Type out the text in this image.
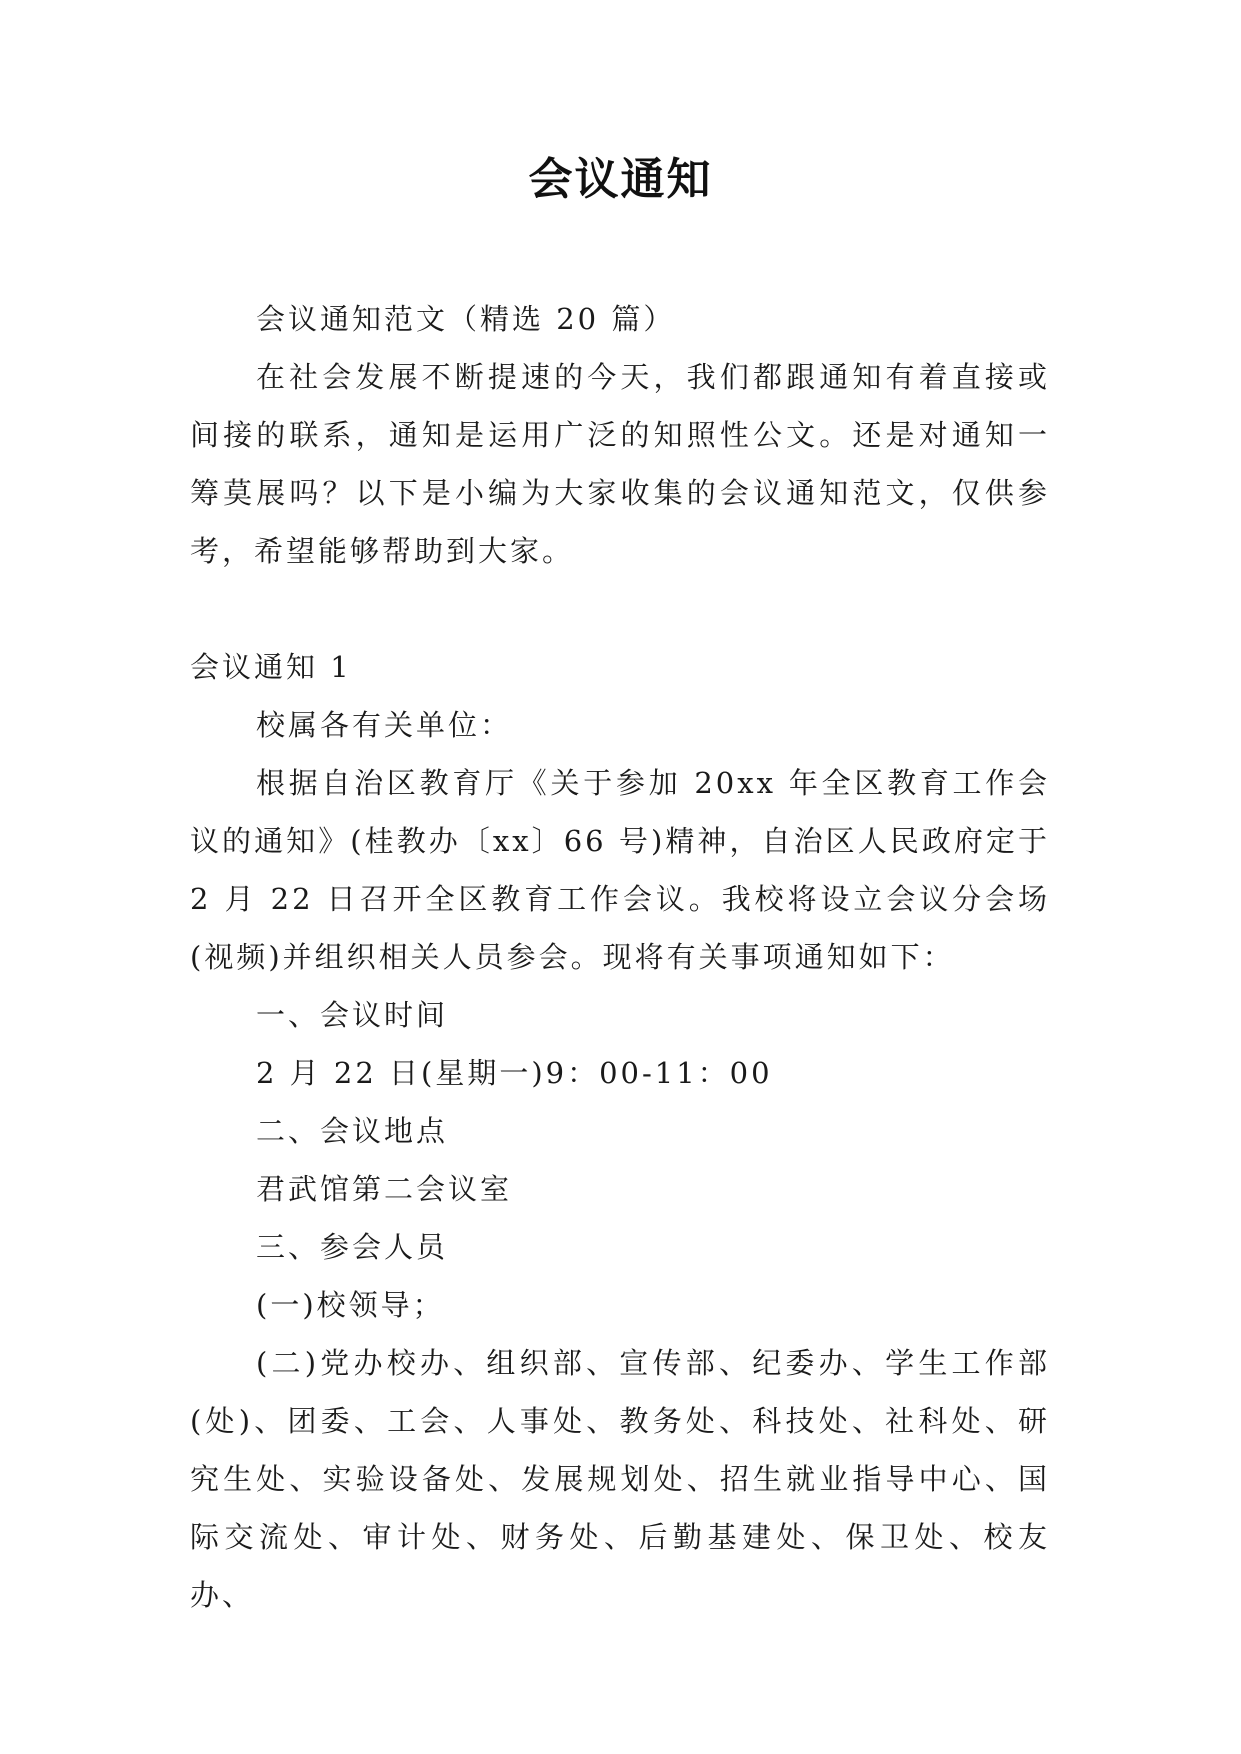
会议通知

会议通知范文（精选 20 篇）

在社会发展不断提速的今天，我们都跟通知有着直接或间接的联系，通知是运用广泛的知照性公文。还是对通知一筹莫展吗？以下是小编为大家收集的会议通知范文，仅供参考，希望能够帮助到大家。

会议通知 1

校属各有关单位：

根据自治区教育厅《关于参加 20xx 年全区教育工作会议的通知》(桂教办〔xx〕66 号)精神，自治区人民政府定于 2 月 22 日召开全区教育工作会议。我校将设立会议分会场(视频)并组织相关人员参会。现将有关事项通知如下：

一、会议时间

2 月 22 日(星期一)9：00-11：00

二、会议地点

君武馆第二会议室

三、参会人员

(一)校领导；

(二)党办校办、组织部、宣传部、纪委办、学生工作部(处)、团委、工会、人事处、教务处、科技处、社科处、研究生处、实验设备处、发展规划处、招生就业指导中心、国际交流处、审计处、财务处、后勤基建处、保卫处、校友办、
